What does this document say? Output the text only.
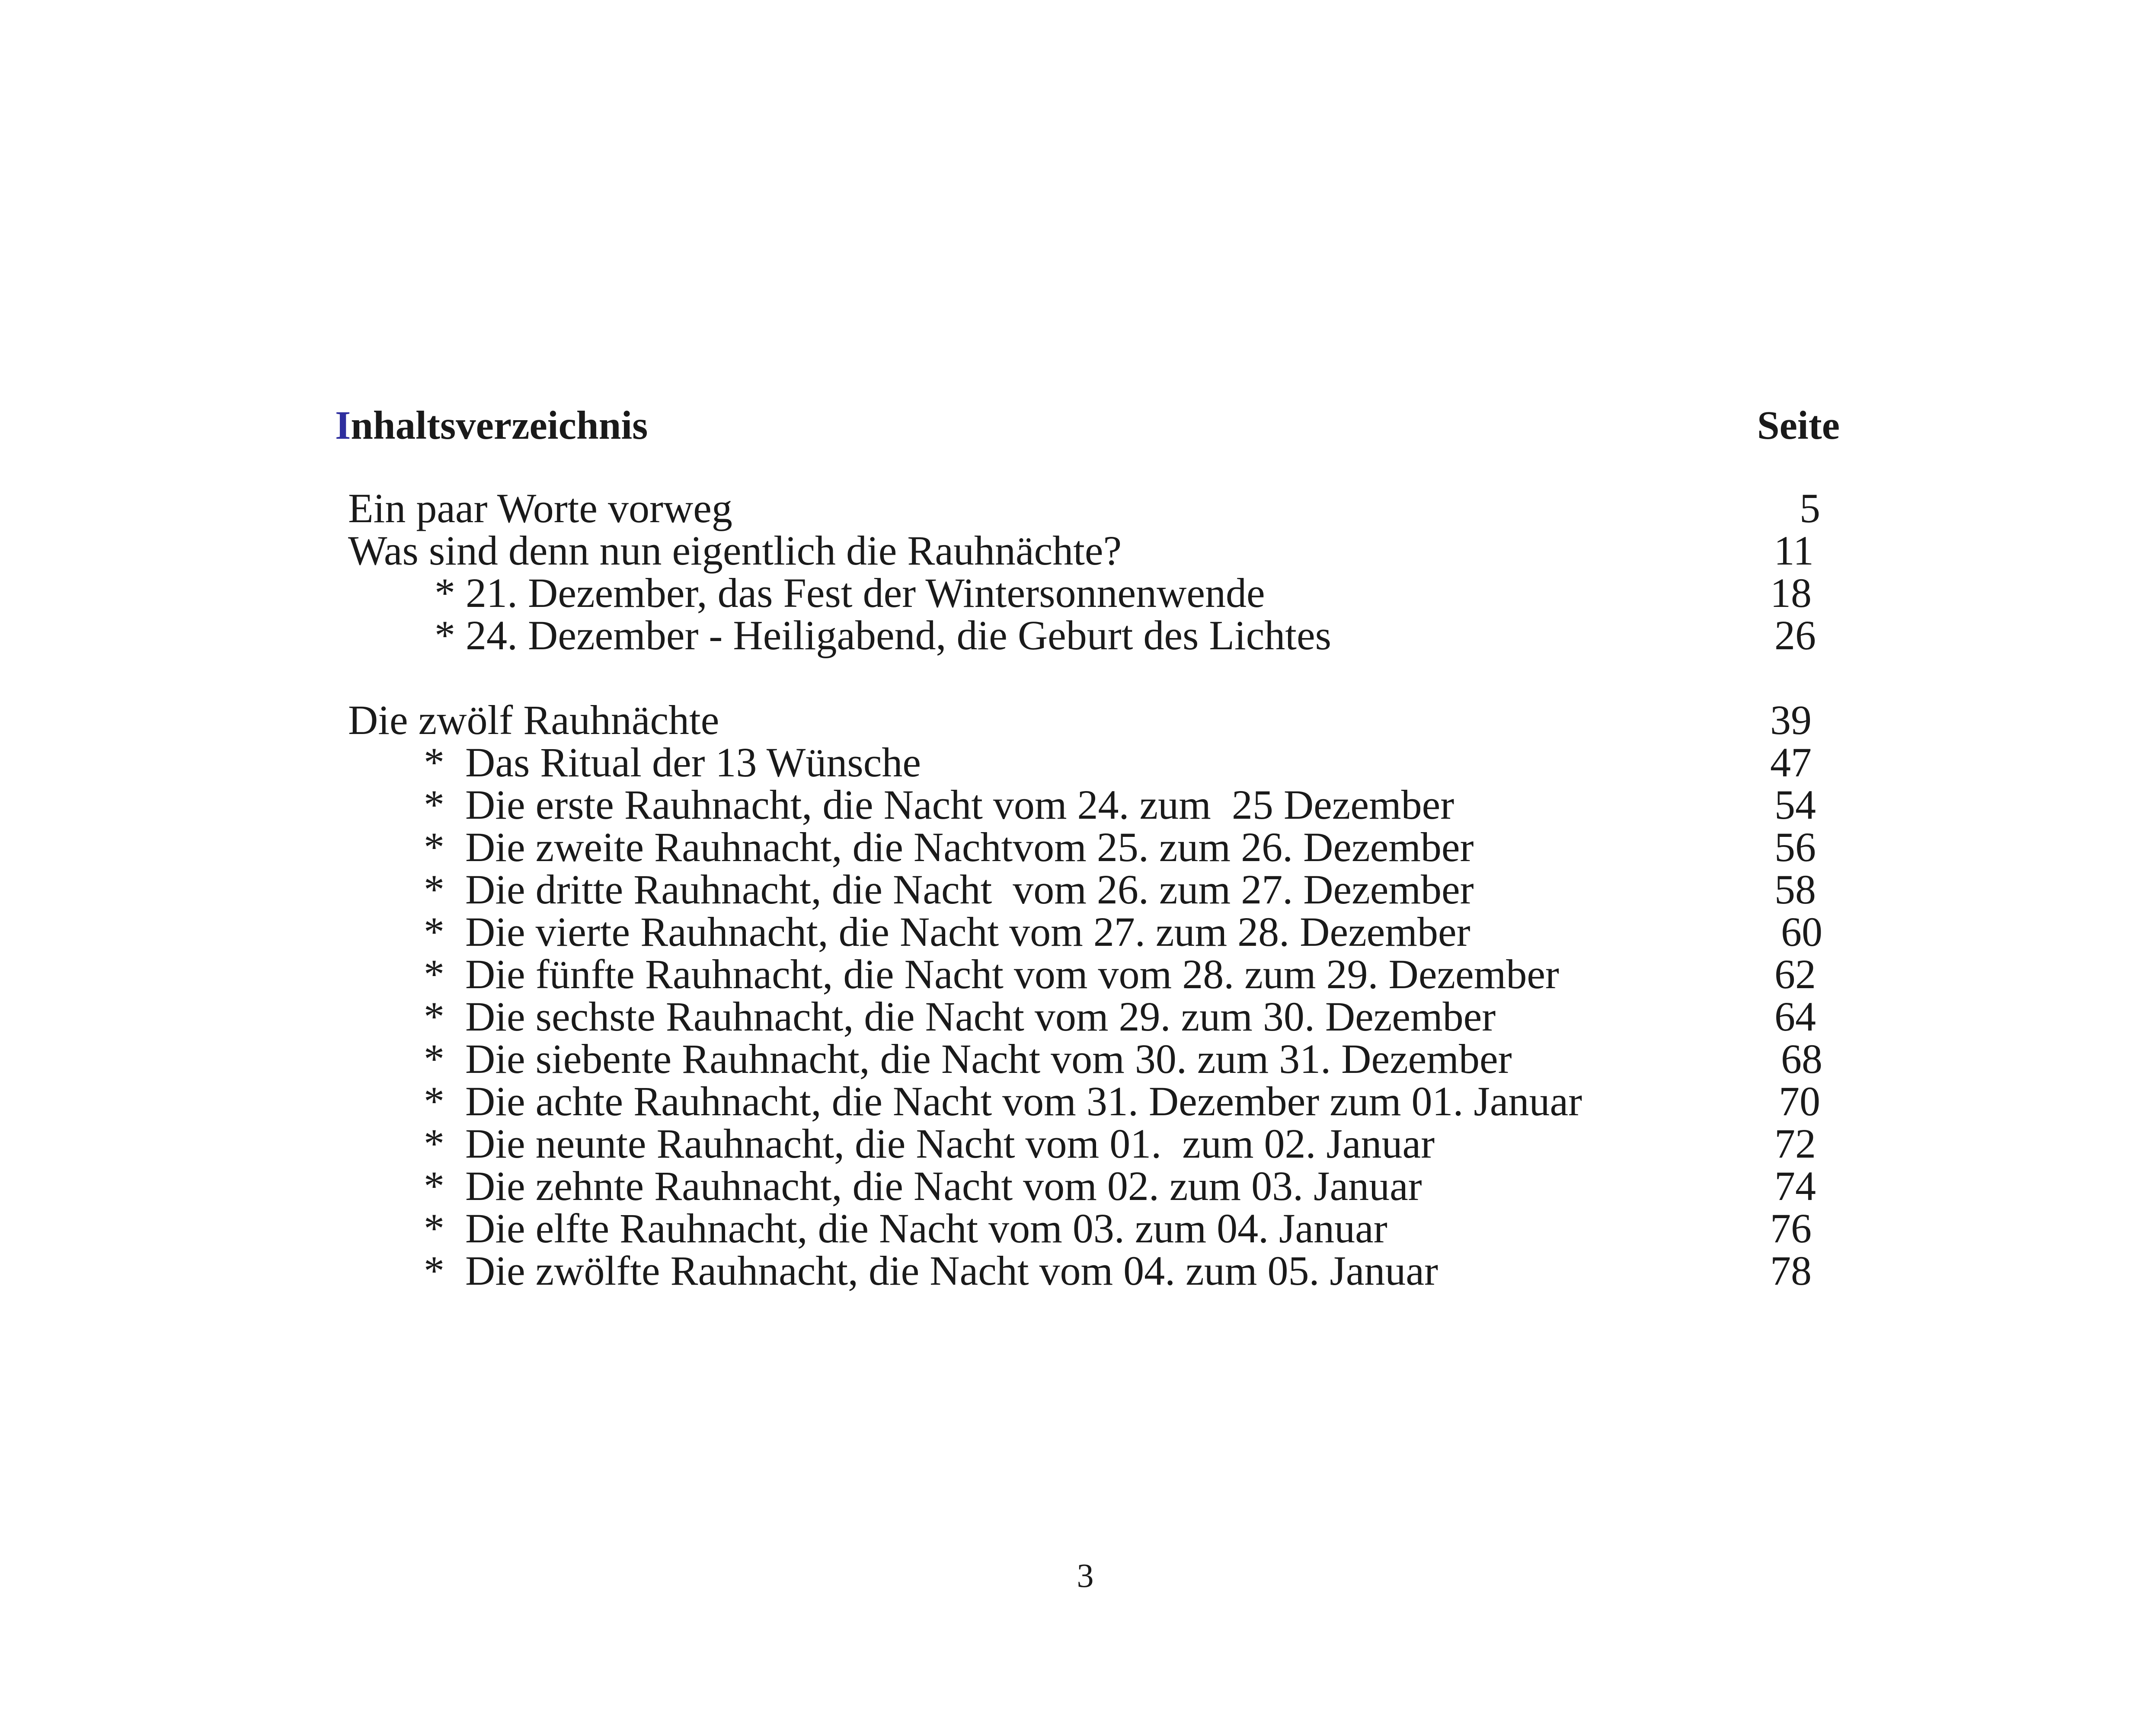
Inhaltsverzeichnis	Seite
Ein paar Worte vorweg	5
Was sind denn nun eigentlich die Rauhnächte?	11
* 21. Dezember, das Fest der Wintersonnenwende	18
* 24. Dezember - Heiligabend, die Geburt des Lichtes	26
Die zwölf Rauhnächte	39
* Das Ritual der 13 Wünsche	47
* Die erste Rauhnacht, die Nacht vom 24. zum  25 Dezember	54
* Die zweite Rauhnacht, die Nachtvom 25. zum 26. Dezember	56
* Die dritte Rauhnacht, die Nacht  vom 26. zum 27. Dezember	58
* Die vierte Rauhnacht, die Nacht vom 27. zum 28. Dezember	60
* Die fünfte Rauhnacht, die Nacht vom vom 28. zum 29. Dezember	62
* Die sechste Rauhnacht, die Nacht vom 29. zum 30. Dezember	64
* Die siebente Rauhnacht, die Nacht vom 30. zum 31. Dezember	68
* Die achte Rauhnacht, die Nacht vom 31. Dezember zum 01. Januar	70
* Die neunte Rauhnacht, die Nacht vom 01.  zum 02. Januar	72
* Die zehnte Rauhnacht, die Nacht vom 02. zum 03. Januar	74
* Die elfte Rauhnacht, die Nacht vom 03. zum 04. Januar	76
* Die zwölfte Rauhnacht, die Nacht vom 04. zum 05. Januar	78
3
